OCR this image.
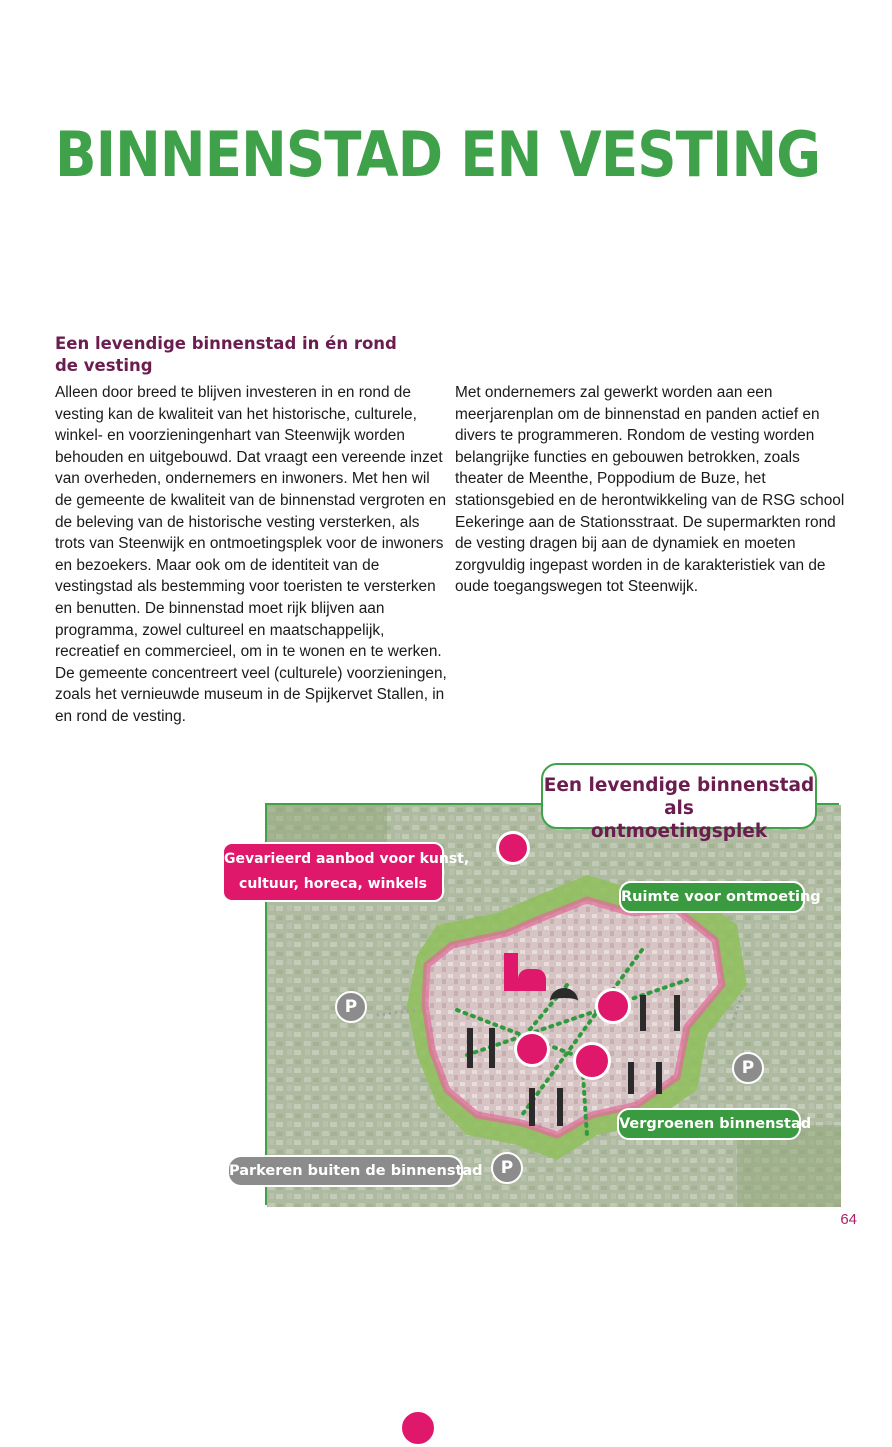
BINNENSTAD EN VESTING
Een levendige binnenstad in én rond de vesting

Alleen door breed te blijven investeren in en rond de vesting kan de kwaliteit van het historische, culturele, winkel- en voorzieningenhart van Steenwijk worden behouden en uitgebouwd. Dat vraagt een vereende inzet van overheden, ondernemers en inwoners. Met hen wil de gemeente de kwaliteit van de binnenstad vergroten en de beleving van de historische vesting versterken, als trots van Steenwijk en ontmoetingsplek voor de inwoners en bezoekers. Maar ook om de identiteit van de vestingstad als bestemming voor toeristen te versterken en benutten. De binnenstad moet rijk blijven aan programma, zowel cultureel en maatschappelijk, recreatief en commercieel, om in te wonen en te werken. De gemeente concentreert veel (culturele) voorzieningen, zoals het vernieuwde museum in de Spijkervet Stallen, in en rond de vesting.

Met ondernemers zal gewerkt worden aan een meerjarenplan om de binnenstad en panden actief en divers te programmeren. Rondom de vesting worden belangrijke functies en gebouwen betrokken, zoals theater de Meenthe, Poppodium de Buze, het stationsgebied en de herontwikkeling van de RSG school Eekeringe aan de Stationsstraat. De supermarkten rond de vesting dragen bij aan de dynamiek en moeten zorgvuldig ingepast worden in de karakteristiek van de oude toegangswegen tot Steenwijk.

P
P
P
Gevarieerd aanbod voor kunst,
cultuur, horeca, winkels
Ruimte voor ontmoeting
Vergroenen binnenstad
Parkeren buiten de binnenstad
Een levendige binnenstad als
ontmoetingsplek
64
